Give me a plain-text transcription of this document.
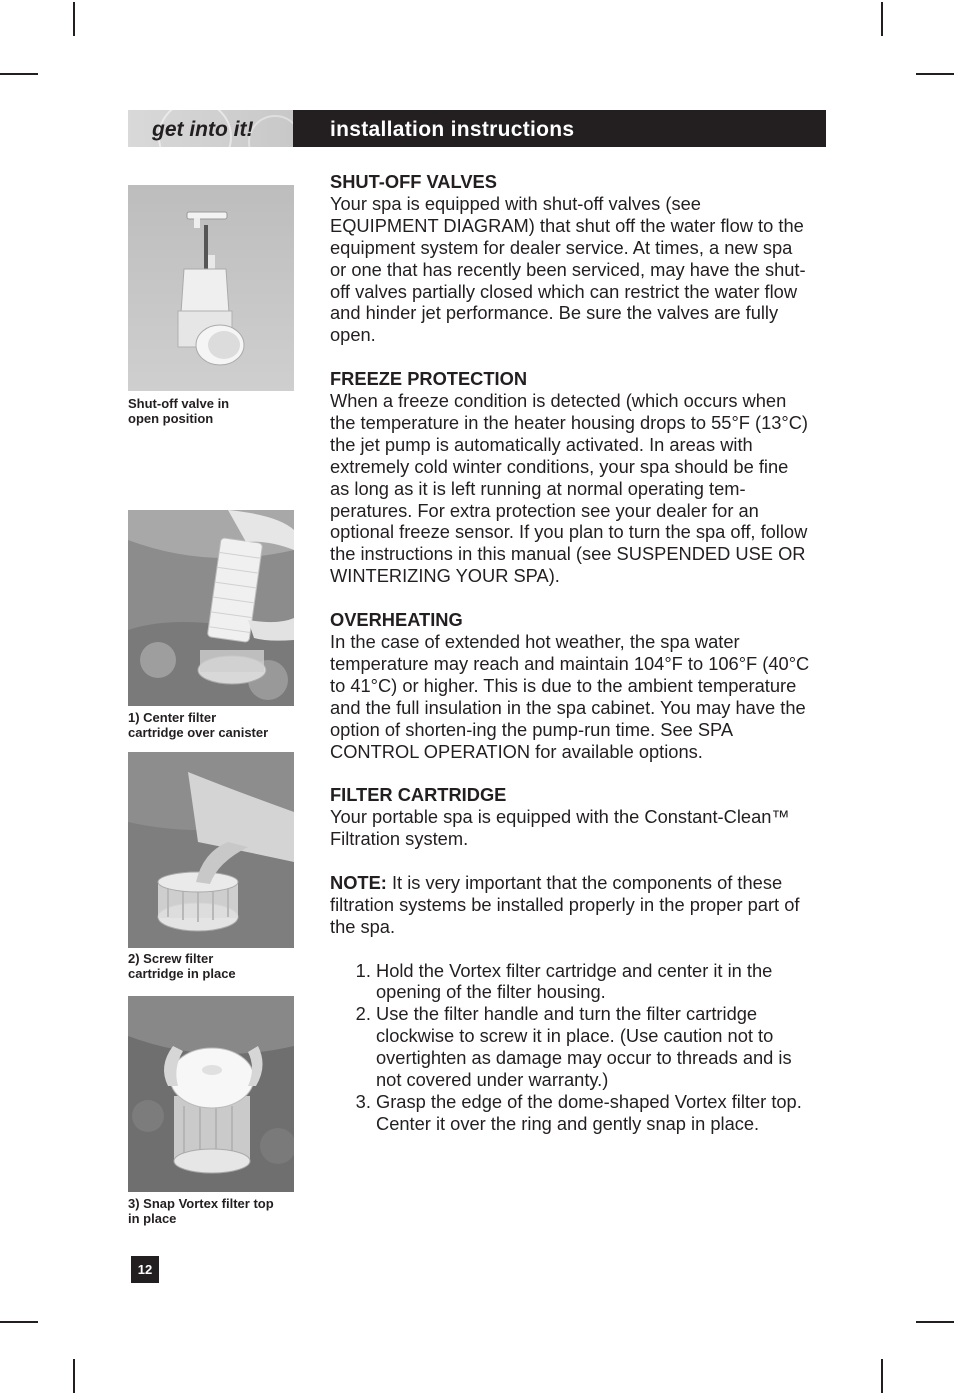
get into it!	installation instructions
Shut-off valve in
open position
1) Center filter
cartridge over canister
2) Screw filter
cartridge in place
3) Snap Vortex filter top
in place
SHUT-OFF VALVES

Your spa is equipped with shut-off valves (see EQUIPMENT DIAGRAM) that shut off the water flow to the equipment system for dealer service. At times, a new spa or one that has recently been serviced, may have the shut-off valves partially closed which can restrict the water flow and hinder jet performance. Be sure the valves are fully open.

FREEZE PROTECTION

When a freeze condition is detected (which occurs when the temperature in the heater housing drops to 55°F (13°C) the jet pump is automatically activated. In areas with extremely cold winter conditions, your spa should be fine as long as it is left running at normal operating tem-peratures. For extra protection see your dealer for an optional freeze sensor. If you plan to turn the spa off, follow the instructions in this manual (see SUSPENDED USE OR WINTERIZING YOUR SPA).

OVERHEATING

In the case of extended hot weather, the spa water temperature may reach and maintain 104°F to 106°F (40°C to 41°C) or higher. This is due to the ambient temperature and the full insulation in the spa cabinet. You may have the option of shorten-ing the pump-run time. See SPA CONTROL OPERATION for available options.

FILTER CARTRIDGE

Your portable spa is equipped with the Constant-Clean™ Filtration system.

NOTE: It is very important that the components of these filtration systems be installed properly in the proper part of the spa.

1. Hold the Vortex filter cartridge and center it in the opening of the filter housing.
2. Use the filter handle and turn the filter cartridge clockwise to screw it in place. (Use caution not to overtighten as damage may occur to threads and is not covered under warranty.)
3. Grasp the edge of the dome-shaped Vortex filter top. Center it over the ring and gently snap in place.
12
